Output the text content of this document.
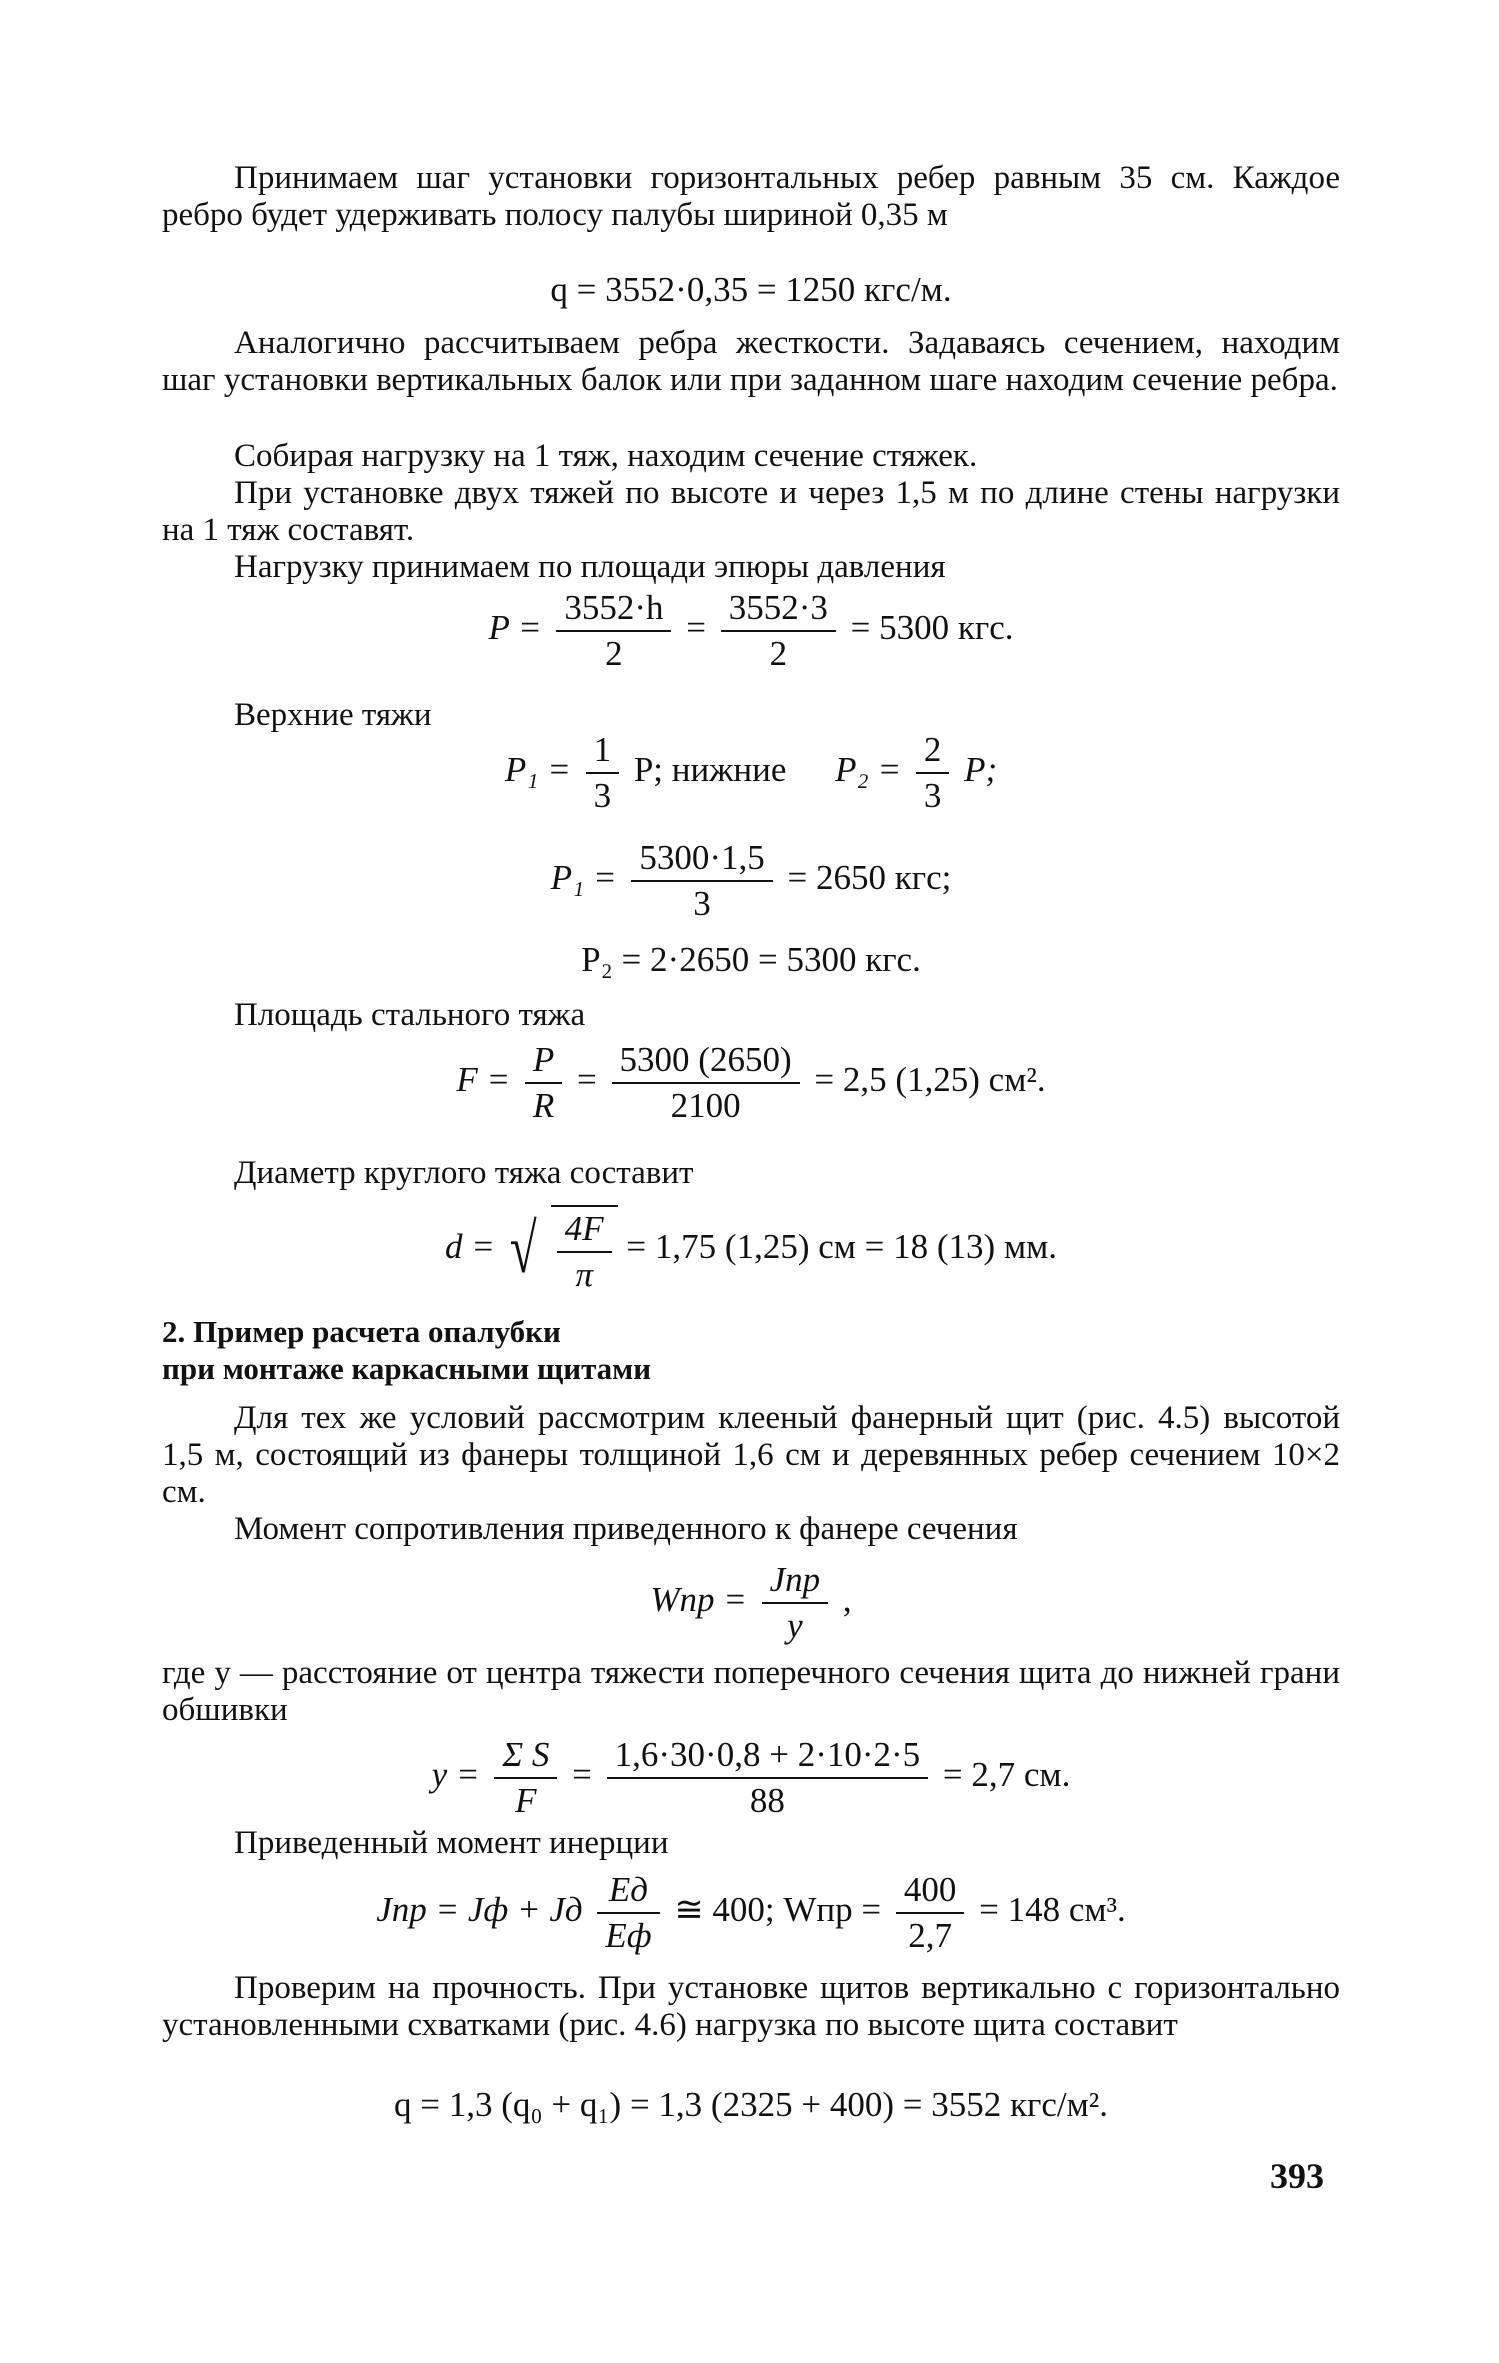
Принимаем шаг установки горизонтальных ребер равным 35 см. Каждое ребро будет удерживать полосу палубы шириной 0,35 м

q = 3552·0,35 = 1250 кгс/м.

Аналогично рассчитываем ребра жесткости. Задаваясь сечением, находим шаг установки вертикальных балок или при заданном шаге находим сечение ребра.

Собирая нагрузку на 1 тяж, находим сечение стяжек.

При установке двух тяжей по высоте и через 1,5 м по длине стены нагрузки на 1 тяж составят.

Нагрузку принимаем по площади эпюры давления

$P = \frac{3552\cdot h}{2} = \frac{3552\cdot 3}{2} = 5300$ кгс.

Верхние тяжи

$P_1 = \frac{1}{3} P$; нижние $P_2 = \frac{2}{3} P$;
$P_1 = \frac{5300\cdot 1,5}{3} = 2650$ кгс;
P₂ = 2·2650 = 5300 кгс.

Площадь стального тяжа

$F = \frac{P}{R} = \frac{5300 (2650)}{2100} = 2,5$ (1,25) см².

Диаметр круглого тяжа составит

d = √ $\frac{4F}{\pi} = 1,75$ (1,25) см = 18 (13) мм.

2. Пример расчета опалубки

при монтаже каркасными щитами

Для тех же условий рассмотрим клееный фанерный щит (рис. 4.5) высотой 1,5 м, состоящий из фанеры толщиной 1,6 см и деревянных ребер сечением 10×2 см.

Момент сопротивления приведенного к фанере сечения

Wпр = $\frac{\text{Jпр}}{y}$ ,

где y — расстояние от центра тяжести поперечного сечения щита до нижней грани обшивки

$y = \frac{\text{Σ S}}{F} = \frac{1,6\cdot 30\cdot 0,8 + 2\cdot 10\cdot 2\cdot 5}{88} = 2,7$ см.

Приведенный момент инерции

Jпр = Jф + Jд $\frac{Eд}{Eф}$ ≅ 400; Wпр = $\frac{400}{2,7} = 148$ см³.

Проверим на прочность. При установке щитов вертикально с горизонтально установленными схватками (рис. 4.6) нагрузка по высоте щита составит

q = 1,3 (q₀ + q₁) = 1,3 (2325 + 400) = 3552 кгс/м².
393
